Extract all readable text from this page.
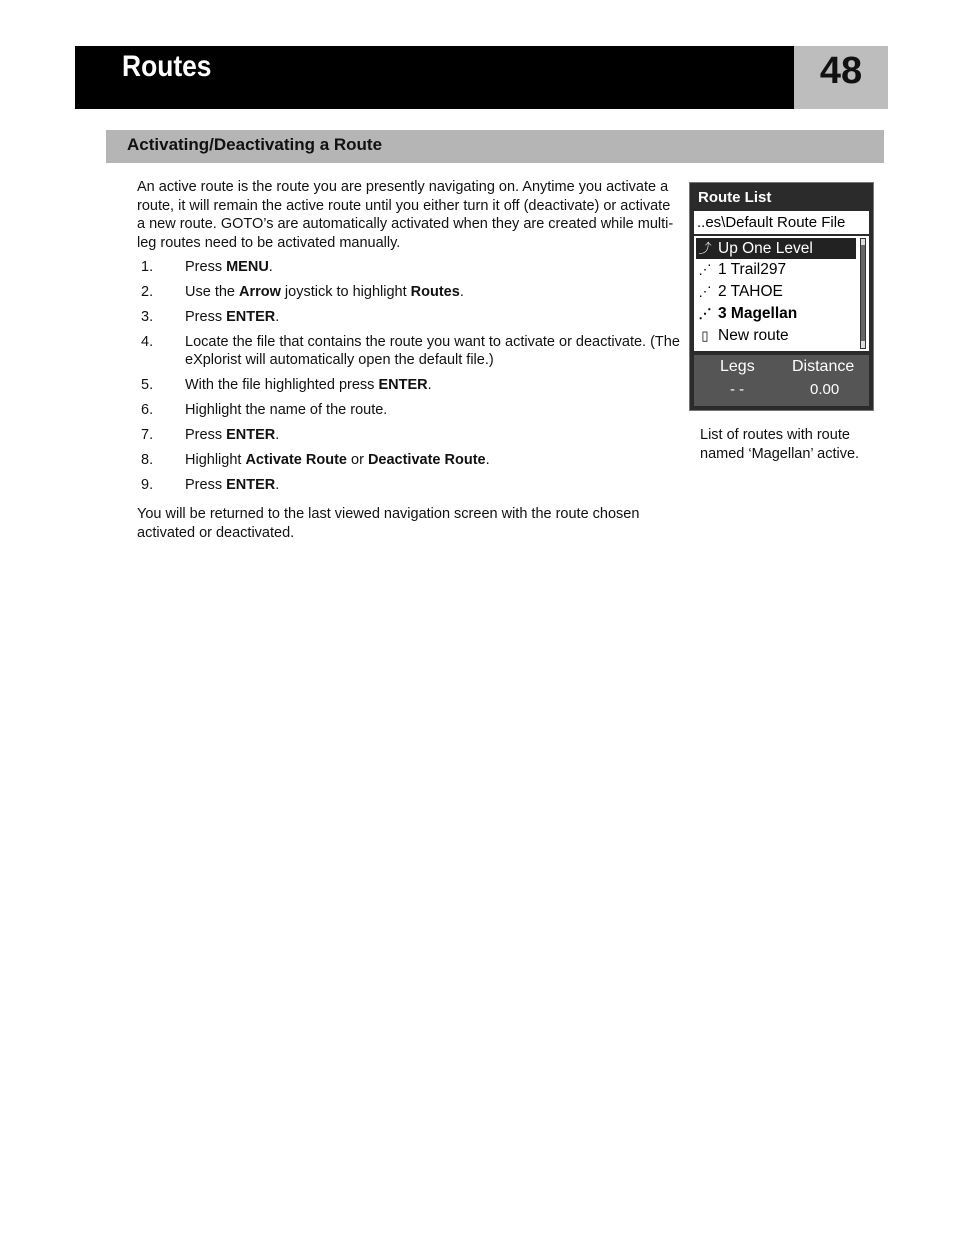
Routes	48
Activating/Deactivating a Route
An active route is the route you are presently navigating on. Anytime you activate a route, it will remain the active route until you either turn it off (deactivate) or activate a new route. GOTO’s are automatically activated when they are created while multi-leg routes need to be activated manually.
1. Press MENU.
2. Use the Arrow joystick to highlight Routes.
3. Press ENTER.
4. Locate the file that contains the route you want to activate or deactivate. (The eXplorist will automatically open the default file.)
5. With the file highlighted press ENTER.
6. Highlight the name of the route.
7. Press ENTER.
8. Highlight Activate Route or Deactivate Route.
9. Press ENTER.
You will be returned to the last viewed navigation screen with the route chosen activated or deactivated.
Route List
..es\Default Route File
⤴ Up One Level
⋰ 1 Trail297
⋰ 2 TAHOE
⋰ 3 Magellan
▯ New route
Legs Distance
- -	0.00
List of routes with route named ‘Magellan’ active.
